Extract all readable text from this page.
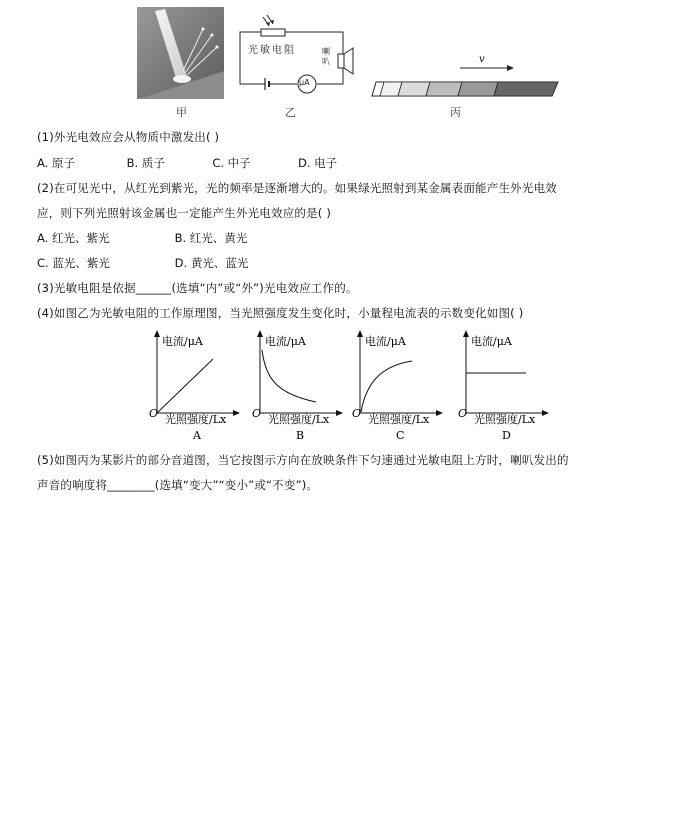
甲
光敏电阻	喇叭
μA
乙
v
丙
(1)外光电效应会从物质中激发出( )
A. 原子	B. 质子	C. 中子	D. 电子
(2)在可见光中，从红光到紫光，光的频率是逐渐增大的。如果绿光照射到某金属表面能产生外光电效
应，则下列光照射该金属也一定能产生外光电效应的是( )
A. 红光、紫光	B. 红光、黄光
C. 蓝光、紫光	D. 黄光、蓝光
(3)光敏电阻是依据______(选填“内”或“外”)光电效应工作的。
(4)如图乙为光敏电阻的工作原理图，当光照强度发生变化时，小量程电流表的示数变化如图( )
电流/μA
O 光照强度/Lx
A
电流/μA
O 光照强度/Lx
B
电流/μA
O 光照强度/Lx
C
电流/μA
O 光照强度/Lx
D
(5)如图丙为某影片的部分音道图，当它按图示方向在放映条件下匀速通过光敏电阻上方时，喇叭发出的
声音的响度将________(选填“变大”“变小”或“不变”)。
